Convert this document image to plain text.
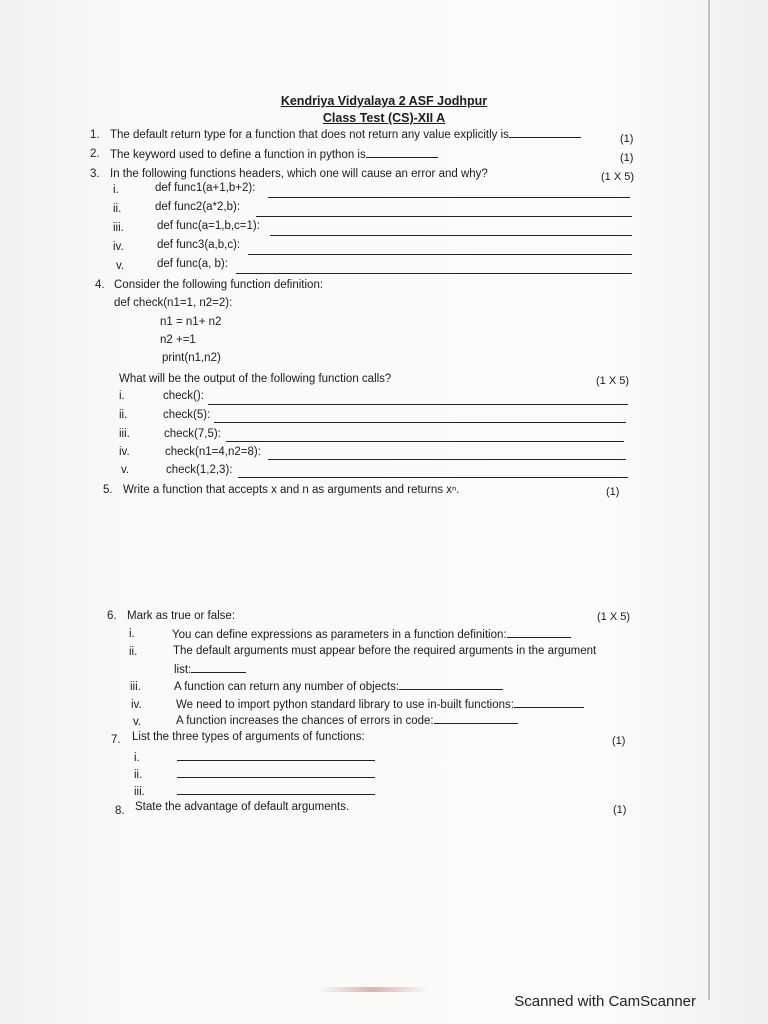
Kendriya Vidyalaya 2 ASF Jodhpur
Class Test (CS)-XII A
1. The default return type for a function that does not return any value explicitly is	(1)
2. The keyword used to define a function in python is	(1)
3. In the following functions headers, which one will cause an error and why?	(1 X 5)
i.	def func1(a+1,b+2):
ii.	def func2(a*2,b):
iii.	def func(a=1,b,c=1):
iv.	def func3(a,b,c):
v.	def func(a, b):
4. Consider the following function definition:
def check(n1=1, n2=2):
n1 = n1+ n2
n2 +=1
print(n1,n2)
What will be the output of the following function calls?	(1 X 5)
i.	check():
ii.	check(5):
iii.	check(7,5):
iv.	check(n1=4,n2=8):
v.	check(1,2,3):
5. Write a function that accepts x and n as arguments and returns xⁿ.	(1)
6. Mark as true or false:	(1 X 5)
i.	You can define expressions as parameters in a function definition:
ii.	The default arguments must appear before the required arguments in the argument
list:
iii.	A function can return any number of objects:
iv.	We need to import python standard library to use in-built functions:
v.	A function increases the chances of errors in code:
7. List the three types of arguments of functions:	(1)
i.
ii.
iii.
8. State the advantage of default arguments.	(1)
Scanned with CamScanner
